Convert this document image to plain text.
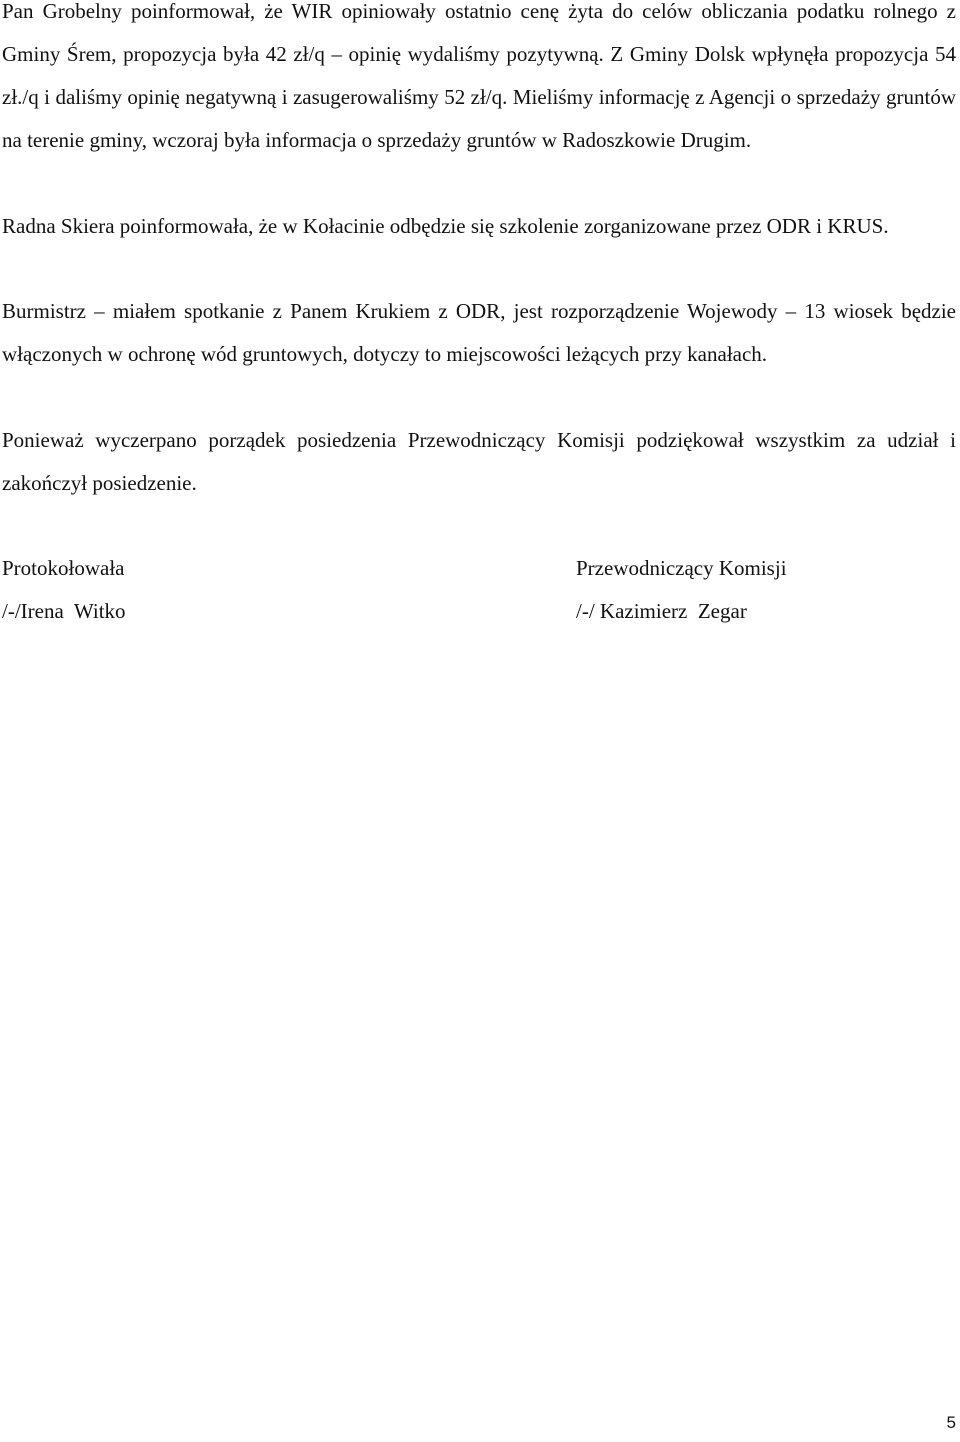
Pan Grobelny poinformował, że WIR opiniowały ostatnio cenę żyta do celów obliczania podatku rolnego z Gminy Śrem, propozycja była 42 zł/q – opinię wydaliśmy pozytywną. Z Gminy Dolsk wpłynęła propozycja 54 zł./q i daliśmy opinię negatywną i zasugerowaliśmy 52 zł/q. Mieliśmy informację z Agencji o sprzedaży gruntów na terenie gminy, wczoraj była informacja o sprzedaży gruntów w Radoszkowie Drugim.

Radna Skiera poinformowała, że w Kołacinie odbędzie się szkolenie zorganizowane przez ODR i KRUS.

Burmistrz – miałem spotkanie z Panem Krukiem z ODR, jest rozporządzenie Wojewody – 13 wiosek będzie włączonych w ochronę wód gruntowych, dotyczy to miejscowości leżących przy kanałach.

Ponieważ wyczerpano porządek posiedzenia Przewodniczący Komisji podziękował wszystkim za udział i zakończył posiedzenie.

Protokołowała
/-/Irena  Witko
Przewodniczący Komisji
/-/ Kazimierz  Zegar
5
